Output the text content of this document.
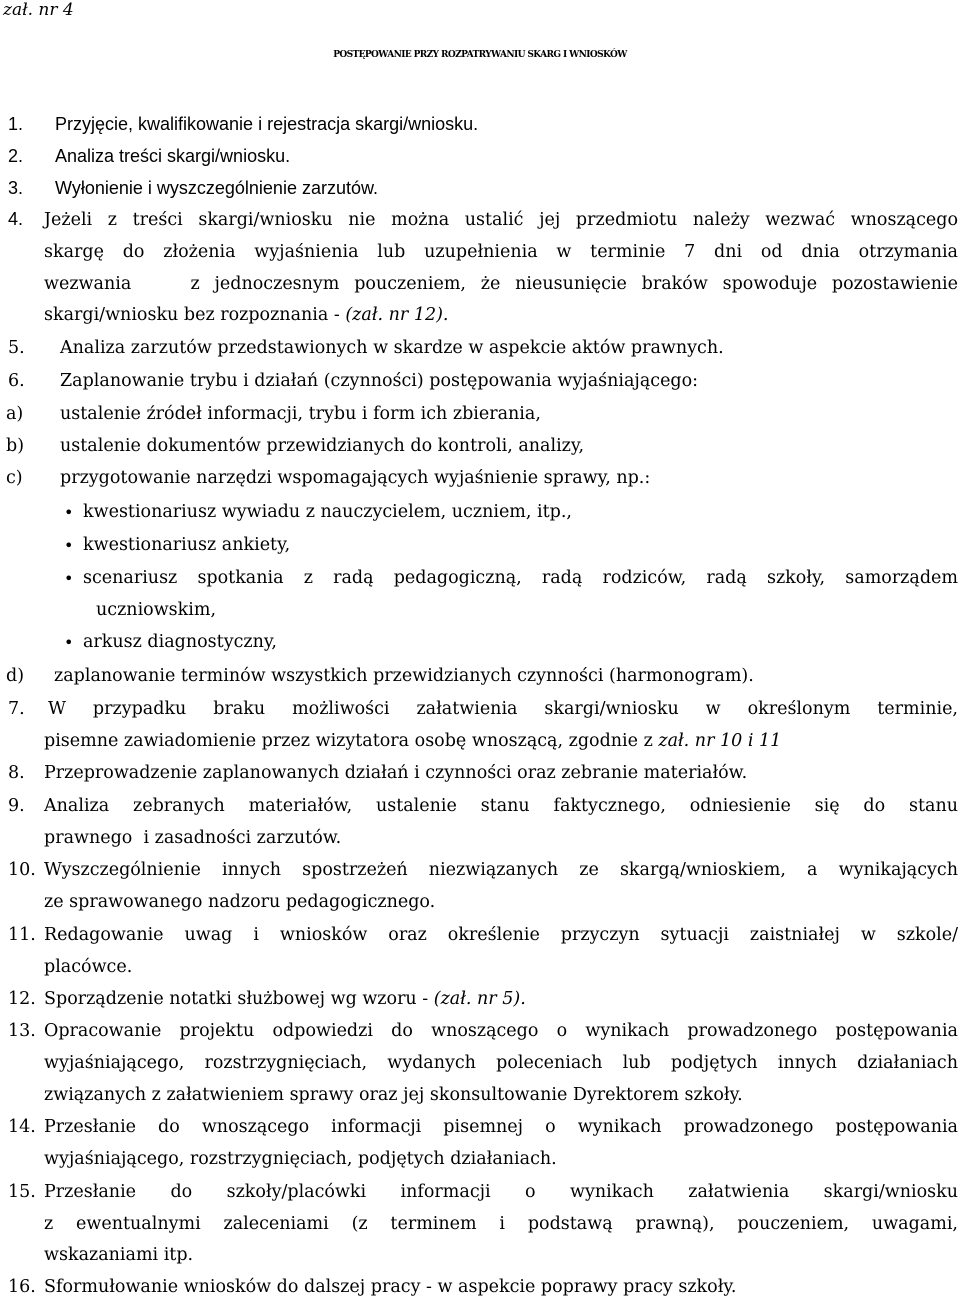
zał. nr 4
POSTĘPOWANIE PRZY ROZPATRYWANIU SKARG I WNIOSKÓW
1. Przyjęcie, kwalifikowanie i rejestracja skargi/wniosku.
2. Analiza treści skargi/wniosku.
3. Wyłonienie i wyszczególnienie zarzutów.
4. Jeżeli z treści skargi/wniosku nie można ustalić jej przedmiotu należy wezwać wnoszącego
skargę do złożenia wyjaśnienia lub uzupełnienia w terminie 7 dni od dnia otrzymania
wezwania    z jednoczesnym pouczeniem, że nieusunięcie braków spowoduje pozostawienie
skargi/wniosku bez rozpoznania - (zał. nr 12).
5. Analiza zarzutów przedstawionych w skardze w aspekcie aktów prawnych.
6. Zaplanowanie trybu i działań (czynności) postępowania wyjaśniającego:
a) ustalenie źródeł informacji, trybu i form ich zbierania,
b) ustalenie dokumentów przewidzianych do kontroli, analizy,
c) przygotowanie narzędzi wspomagających wyjaśnienie sprawy, np.:
• kwestionariusz wywiadu z nauczycielem, uczniem, itp.,
• kwestionariusz ankiety,
• scenariusz spotkania z radą pedagogiczną, radą rodziców, radą szkoły, samorządem
uczniowskim,
• arkusz diagnostyczny,
d) zaplanowanie terminów wszystkich przewidzianych czynności (harmonogram).
7. W przypadku braku możliwości załatwienia skargi/wniosku w określonym terminie,
pisemne zawiadomienie przez wizytatora osobę wnoszącą, zgodnie z zał. nr 10 i 11
8. Przeprowadzenie zaplanowanych działań i czynności oraz zebranie materiałów.
9. Analiza zebranych materiałów, ustalenie stanu faktycznego, odniesienie się do stanu
prawnego  i zasadności zarzutów.
10. Wyszczególnienie innych spostrzeżeń niezwiązanych ze skargą/wnioskiem, a wynikających
ze sprawowanego nadzoru pedagogicznego.
11. Redagowanie uwag i wniosków oraz określenie przyczyn sytuacji zaistniałej w szkole/
placówce.
12. Sporządzenie notatki służbowej wg wzoru - (zał. nr 5).
13. Opracowanie projektu odpowiedzi do wnoszącego o wynikach prowadzonego postępowania
wyjaśniającego, rozstrzygnięciach, wydanych poleceniach lub podjętych innych działaniach
związanych z załatwieniem sprawy oraz jej skonsultowanie Dyrektorem szkoły.
14. Przesłanie do wnoszącego informacji pisemnej o wynikach prowadzonego postępowania
wyjaśniającego, rozstrzygnięciach, podjętych działaniach.
15. Przesłanie do szkoły/placówki informacji o wynikach załatwienia skargi/wniosku
z ewentualnymi zaleceniami (z terminem i podstawą prawną), pouczeniem, uwagami,
wskazaniami itp.
16. Sformułowanie wniosków do dalszej pracy - w aspekcie poprawy pracy szkoły.
